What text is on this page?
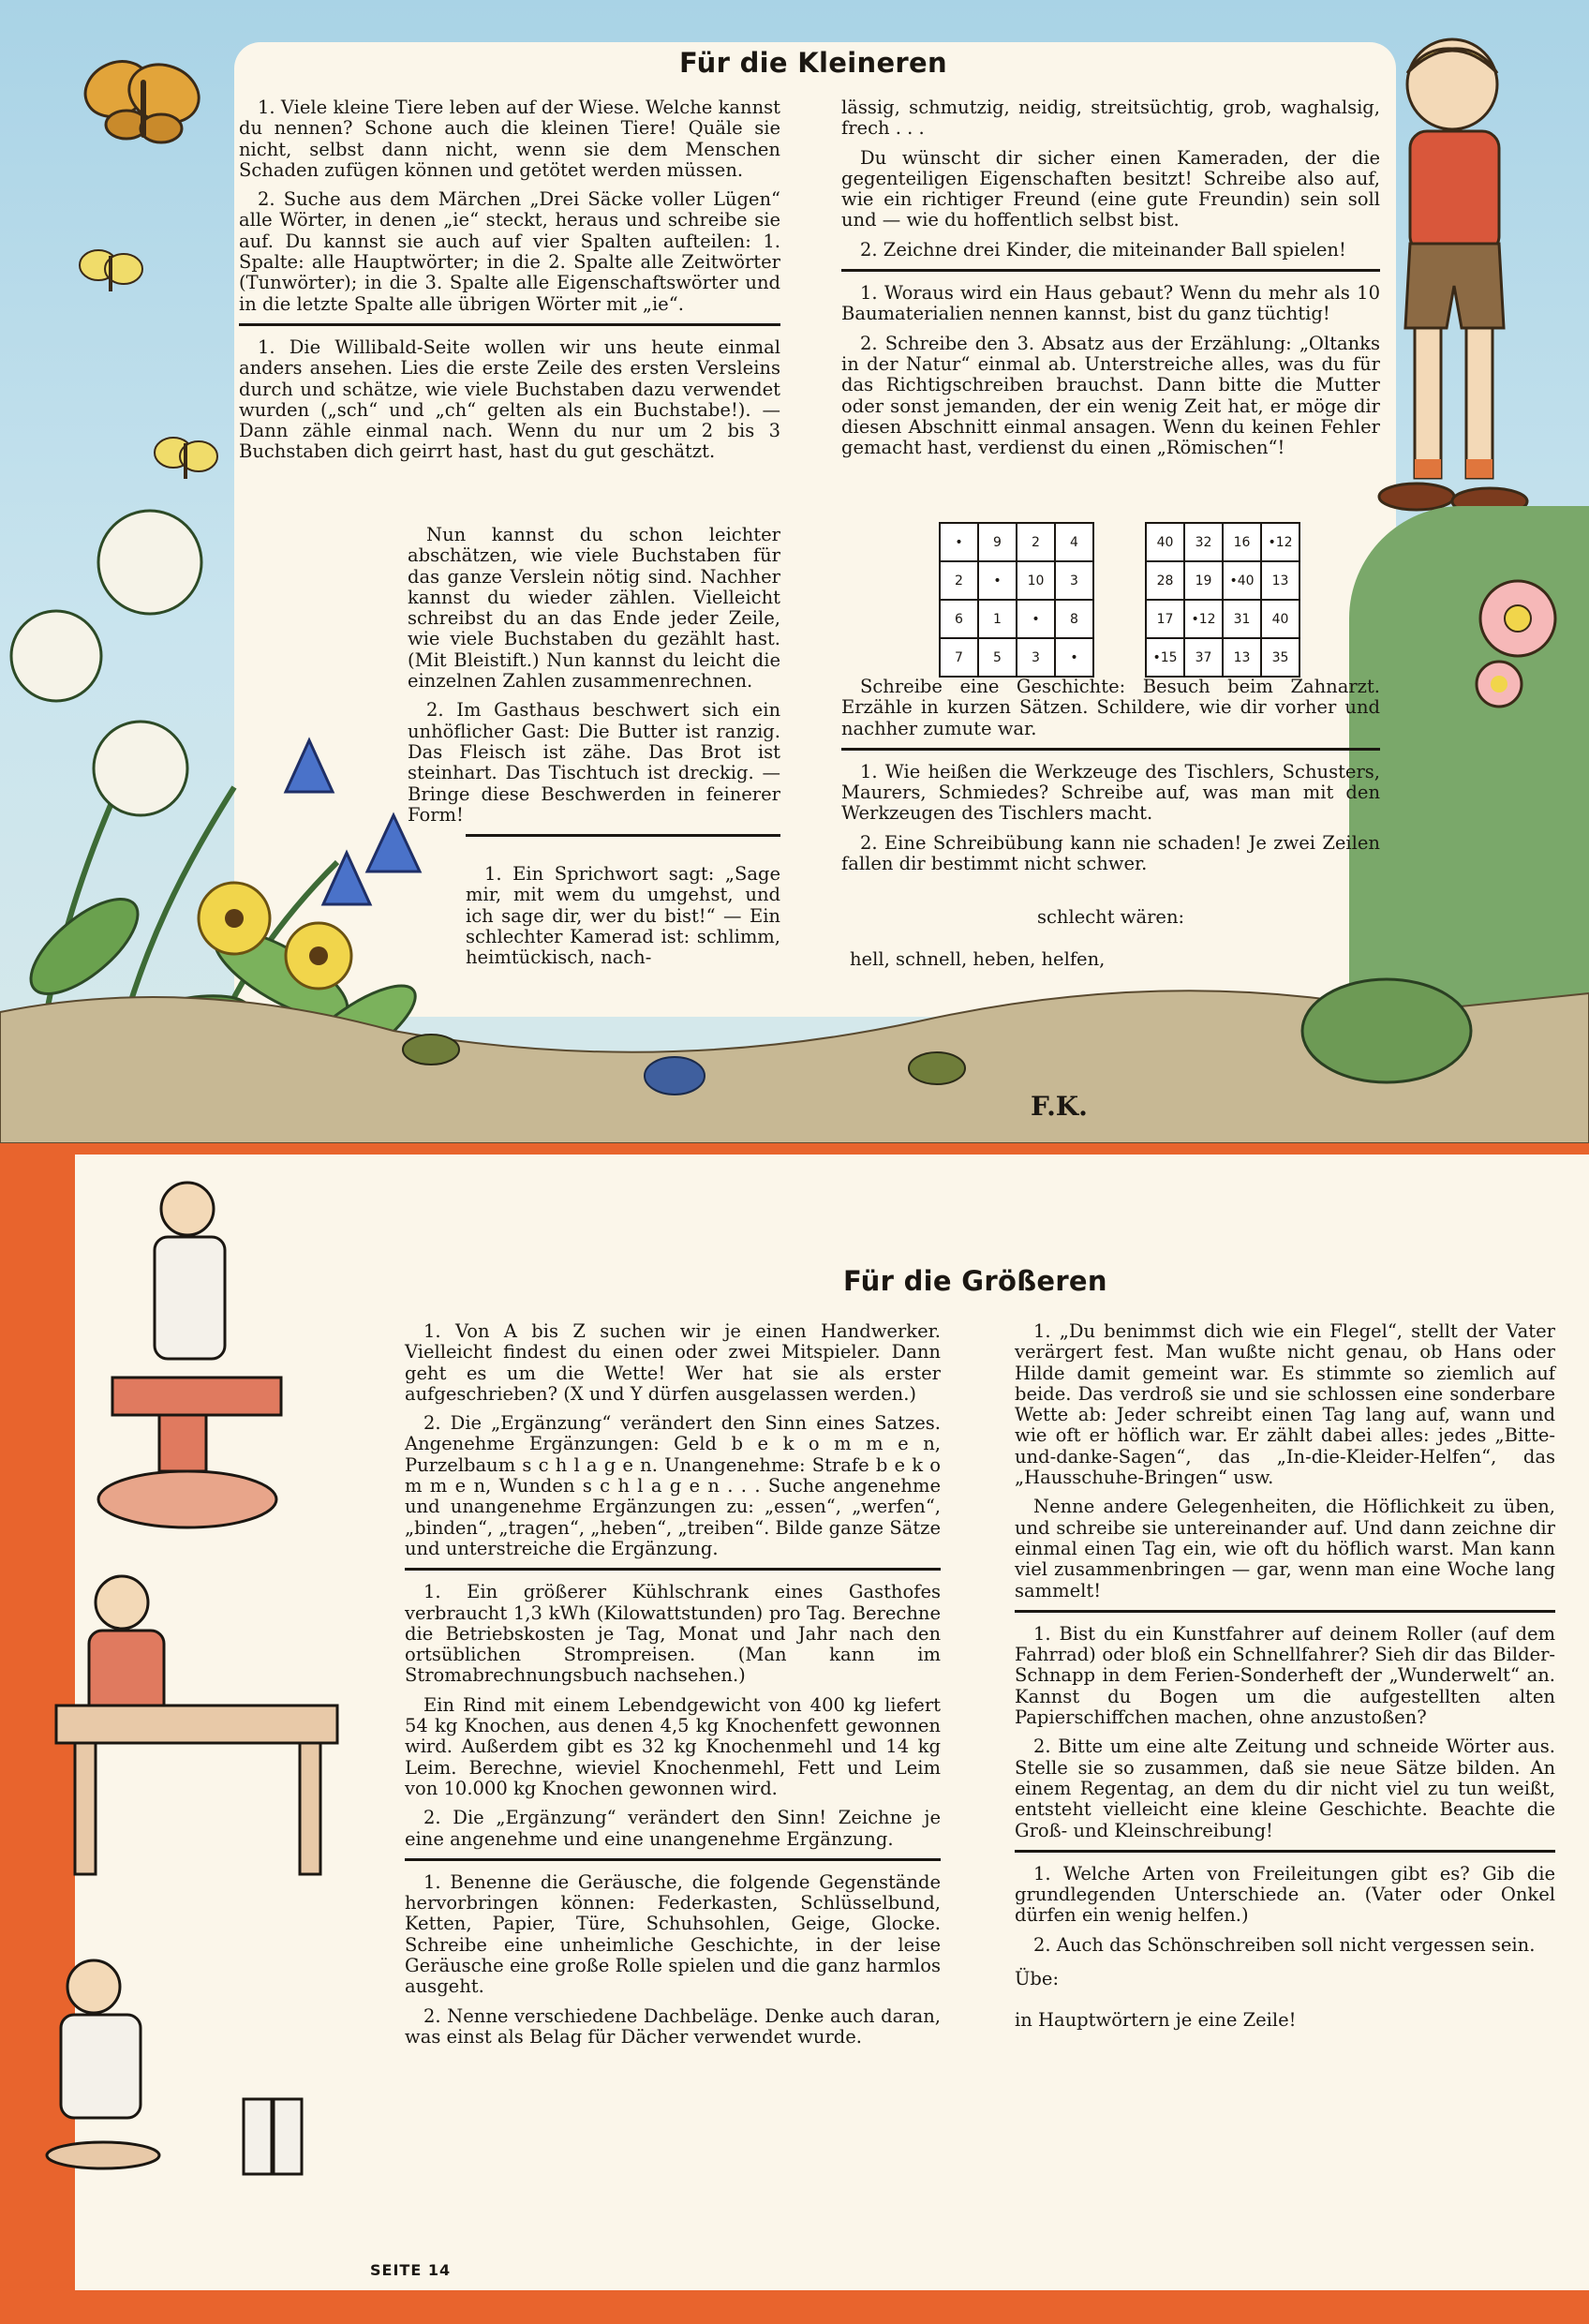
F.K.
Für die Kleineren

1. Viele kleine Tiere leben auf der Wiese. Welche kannst du nennen? Schone auch die kleinen Tiere! Quäle sie nicht, selbst dann nicht, wenn sie dem Menschen Schaden zufügen können und getötet werden müssen.

2. Suche aus dem Märchen „Drei Säcke voller Lügen“ alle Wörter, in denen „ie“ steckt, heraus und schreibe sie auf. Du kannst sie auch auf vier Spalten aufteilen: 1. Spalte: alle Hauptwörter; in die 2. Spalte alle Zeitwörter (Tunwörter); in die 3. Spalte alle Eigenschaftswörter und in die letzte Spalte alle übrigen Wörter mit „ie“.

1. Die Willibald-Seite wollen wir uns heute einmal anders ansehen. Lies die erste Zeile des ersten Versleins durch und schätze, wie viele Buchstaben dazu verwendet wurden („sch“ und „ch“ gelten als ein Buchstabe!). — Dann zähle einmal nach. Wenn du nur um 2 bis 3 Buchstaben dich geirrt hast, hast du gut geschätzt.

Nun kannst du schon leichter abschätzen, wie viele Buchstaben für das ganze Verslein nötig sind. Nachher kannst du wieder zählen. Vielleicht schreibst du an das Ende jeder Zeile, wie viele Buchstaben du gezählt hast. (Mit Bleistift.) Nun kannst du leicht die einzelnen Zahlen zusammenrechnen.

2. Im Gasthaus beschwert sich ein unhöflicher Gast: Die Butter ist ranzig. Das Fleisch ist zähe. Das Brot ist steinhart. Das Tischtuch ist dreckig. — Bringe diese Beschwerden in feinerer Form!

1. Ein Sprichwort sagt: „Sage mir, mit wem du umgehst, und ich sage dir, wer du bist!“ — Ein schlechter Kamerad ist: schlimm, heimtückisch, nach-

lässig, schmutzig, neidig, streitsüchtig, grob, waghalsig, frech . . .

Du wünscht dir sicher einen Kameraden, der die gegenteiligen Eigenschaften besitzt! Schreibe also auf, wie ein richtiger Freund (eine gute Freundin) sein soll und — wie du hoffentlich selbst bist.

2. Zeichne drei Kinder, die miteinander Ball spielen!

1. Woraus wird ein Haus gebaut? Wenn du mehr als 10 Baumaterialien nennen kannst, bist du ganz tüchtig!

2. Schreibe den 3. Absatz aus der Erzählung: „Oltanks in der Natur“ einmal ab. Unterstreiche alles, was du für das Richtigschreiben brauchst. Dann bitte die Mutter oder sonst jemanden, der ein wenig Zeit hat, er möge dir diesen Abschnitt einmal ansagen. Wenn du keinen Fehler gemacht hast, verdienst du einen „Römischen“!

•	9	2	4
2	•	10	3
6	1	•	8
7	5	3	•
40	32	16	•12
28	19	•40	13
17	•12	31	40
•15	37	13	35

Schreibe eine Geschichte: Besuch beim Zahnarzt. Erzähle in kurzen Sätzen. Schildere, wie dir vorher und nachher zumute war.

1. Wie heißen die Werkzeuge des Tischlers, Schusters, Maurers, Schmiedes? Schreibe auf, was man mit den Werkzeugen des Tischlers macht.

2. Eine Schreibübung kann nie schaden! Je zwei Zeilen fallen dir bestimmt nicht schwer.

schlecht wären:
hell, schnell, heben, helfen,
Für die Größeren

1. Von A bis Z suchen wir je einen Handwerker. Vielleicht findest du einen oder zwei Mitspieler. Dann geht es um die Wette! Wer hat sie als erster aufgeschrieben? (X und Y dürfen ausgelassen werden.)

2. Die „Ergänzung“ verändert den Sinn eines Satzes. Angenehme Ergänzungen: Geld b e k o m m e n, Purzelbaum s c h l a g e n. Unangenehme: Strafe b e k o m m e n, Wunden s c h l a g e n . . . Suche angenehme und unangenehme Ergänzungen zu: „essen“, „werfen“, „binden“, „tragen“, „heben“, „treiben“. Bilde ganze Sätze und unterstreiche die Ergänzung.

1. Ein größerer Kühlschrank eines Gasthofes verbraucht 1,3 kWh (Kilowattstunden) pro Tag. Berechne die Betriebskosten je Tag, Monat und Jahr nach den ortsüblichen Strompreisen. (Man kann im Stromabrechnungsbuch nachsehen.)

Ein Rind mit einem Lebendgewicht von 400 kg liefert 54 kg Knochen, aus denen 4,5 kg Knochenfett gewonnen wird. Außerdem gibt es 32 kg Knochenmehl und 14 kg Leim. Berechne, wieviel Knochenmehl, Fett und Leim von 10.000 kg Knochen gewonnen wird.

2. Die „Ergänzung“ verändert den Sinn! Zeichne je eine angenehme und eine unangenehme Ergänzung.

1. Benenne die Geräusche, die folgende Gegenstände hervorbringen können: Federkasten, Schlüsselbund, Ketten, Papier, Türe, Schuhsohlen, Geige, Glocke. Schreibe eine unheimliche Geschichte, in der leise Geräusche eine große Rolle spielen und die ganz harmlos ausgeht.

2. Nenne verschiedene Dachbeläge. Denke auch daran, was einst als Belag für Dächer verwendet wurde.

1. „Du benimmst dich wie ein Flegel“, stellt der Vater verärgert fest. Man wußte nicht genau, ob Hans oder Hilde damit gemeint war. Es stimmte so ziemlich auf beide. Das verdroß sie und sie schlossen eine sonderbare Wette ab: Jeder schreibt einen Tag lang auf, wann und wie oft er höflich war. Er zählt dabei alles: jedes „Bitte-und-danke-Sagen“, das „In-die-Kleider-Helfen“, das „Hausschuhe-Bringen“ usw.

Nenne andere Gelegenheiten, die Höflichkeit zu üben, und schreibe sie untereinander auf. Und dann zeichne dir einmal einen Tag ein, wie oft du höflich warst. Man kann viel zusammenbringen — gar, wenn man eine Woche lang sammelt!

1. Bist du ein Kunstfahrer auf deinem Roller (auf dem Fahrrad) oder bloß ein Schnellfahrer? Sieh dir das Bilder-Schnapp in dem Ferien-Sonderheft der „Wunderwelt“ an. Kannst du Bogen um die aufgestellten alten Papierschiffchen machen, ohne anzustoßen?

2. Bitte um eine alte Zeitung und schneide Wörter aus. Stelle sie so zusammen, daß sie neue Sätze bilden. An einem Regentag, an dem du dir nicht viel zu tun weißt, entsteht vielleicht eine kleine Geschichte. Beachte die Groß- und Kleinschreibung!

1. Welche Arten von Freileitungen gibt es? Gib die grundlegenden Unterschiede an. (Vater oder Onkel dürfen ein wenig helfen.)

2. Auch das Schönschreiben soll nicht vergessen sein.

Übe:

in Hauptwörtern je eine Zeile!

SEITE 14
